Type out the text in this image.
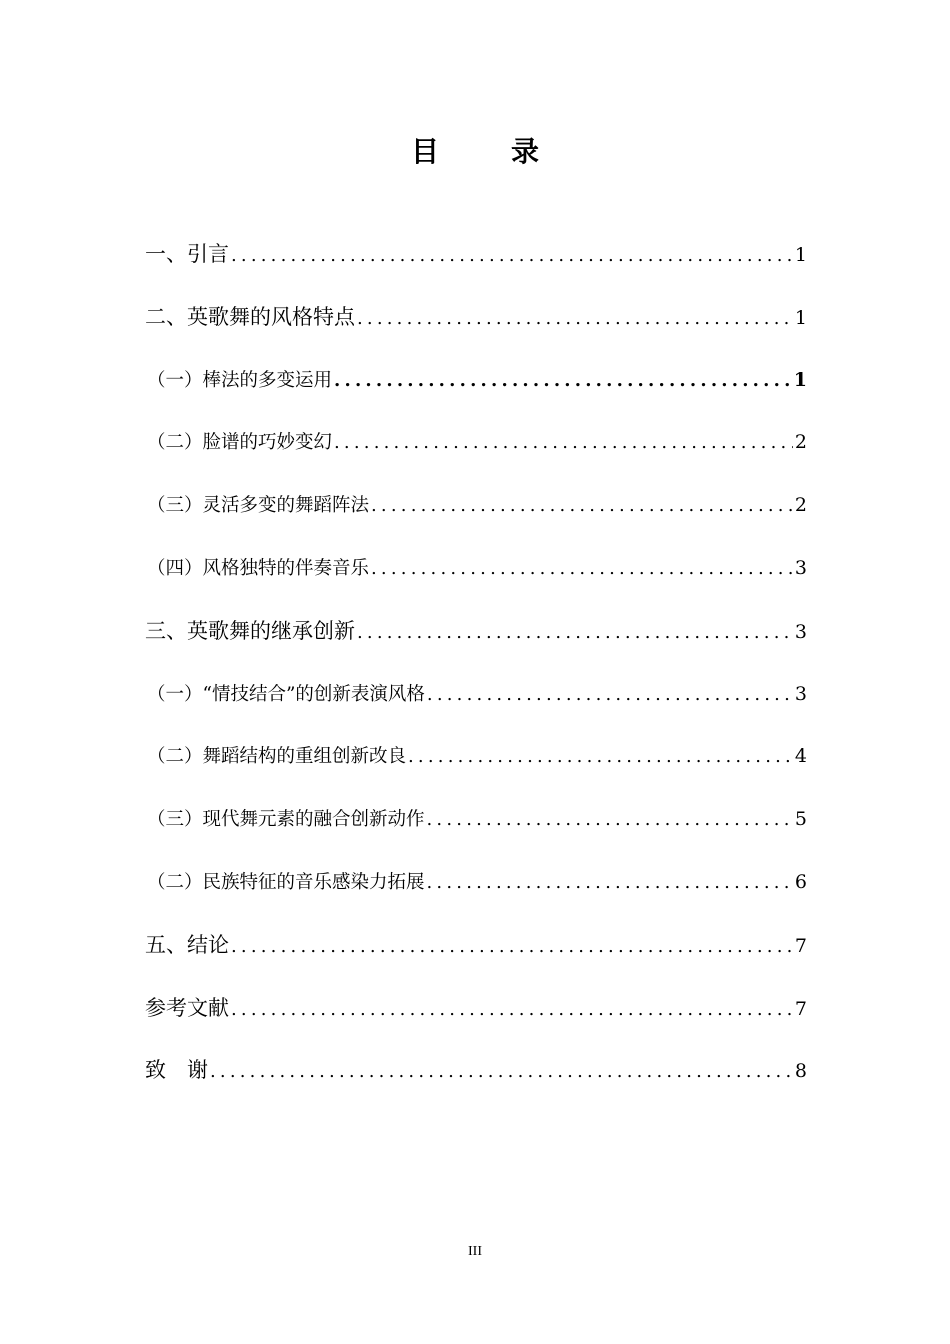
目　录
一、引言 .....	1
二、英歌舞的风格特点 .....	1
（一）棒法的多变运用 .....	1
（二）脸谱的巧妙变幻 .....	2
（三）灵活多变的舞蹈阵法 .....	2
（四）风格独特的伴奏音乐 .....	3
三、英歌舞的继承创新 .....	3
（一）“情技结合”的创新表演风格 .....	3
（二）舞蹈结构的重组创新改良 .....	4
（三）现代舞元素的融合创新动作 .....	5
（二）民族特征的音乐感染力拓展 .....	6
五、结论 .....	7
参考文献 .....	7
致　谢 .....	8
III
